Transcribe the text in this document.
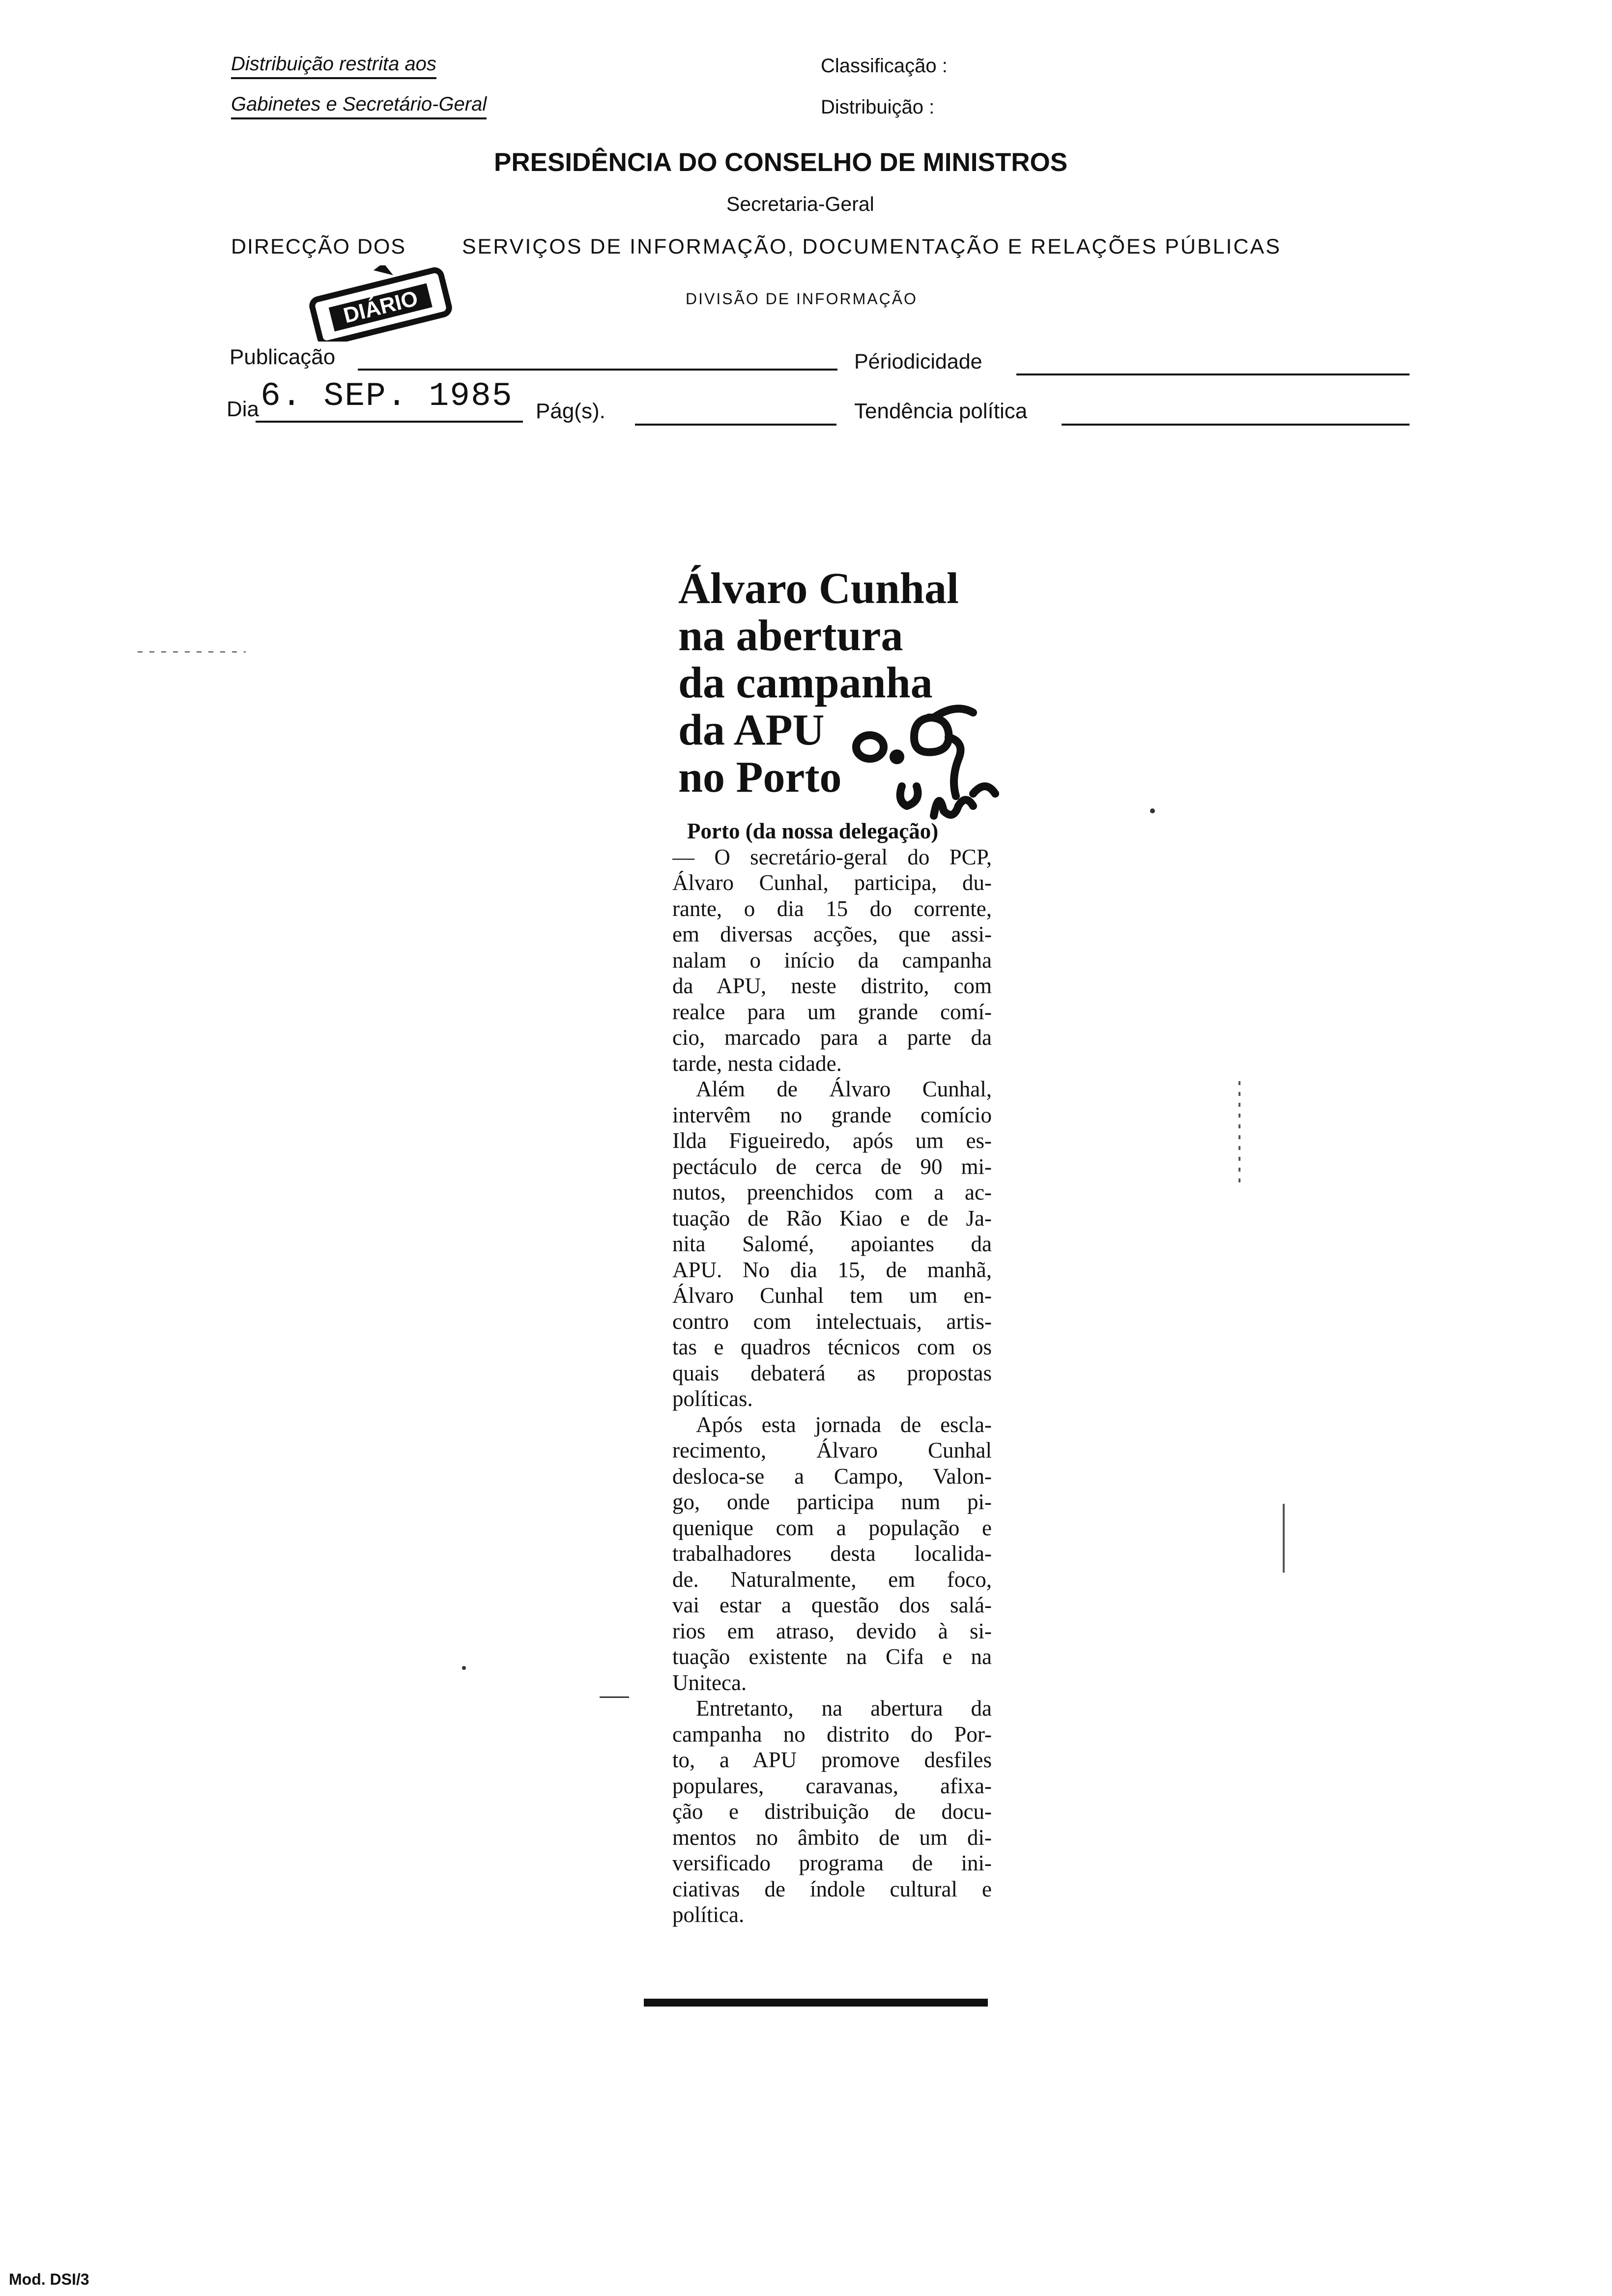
Distribuição restrita aos
Gabinetes e Secretário-Geral
Classificação :
Distribuição :
PRESIDÊNCIA DO CONSELHO DE MINISTROS
Secretaria-Geral
DIRECÇÃO DOS	SERVIÇOS DE INFORMAÇÃO, DOCUMENTAÇÃO E RELAÇÕES PÚBLICAS
DIVISÃO DE INFORMAÇÃO
DIÁRIO
Publicação	Périodicidade
Dia 6. SEP. 1985 Pág(s).	Tendência política
Álvaro Cunhal
na abertura
da campanha
da APU
no Porto
Porto (da nossa delegação)
— O secretário-geral do PCP,
Álvaro Cunhal, participa, du-
rante, o dia 15 do corrente,
em diversas acções, que assi-
nalam o início da campanha
da APU, neste distrito, com
realce para um grande comí-
cio, marcado para a parte da
tarde, nesta cidade.
Além de Álvaro Cunhal,
intervêm no grande comício
Ilda Figueiredo, após um es-
pectáculo de cerca de 90 mi-
nutos, preenchidos com a ac-
tuação de Rão Kiao e de Ja-
nita Salomé, apoiantes da
APU. No dia 15, de manhã,
Álvaro Cunhal tem um en-
contro com intelectuais, artis-
tas e quadros técnicos com os
quais debaterá as propostas
políticas.
Após esta jornada de escla-
recimento, Álvaro Cunhal
desloca-se a Campo, Valon-
go, onde participa num pi-
quenique com a população e
trabalhadores desta localida-
de. Naturalmente, em foco,
vai estar a questão dos salá-
rios em atraso, devido à si-
tuação existente na Cifa e na
Uniteca.
Entretanto, na abertura da
campanha no distrito do Por-
to, a APU promove desfiles
populares, caravanas, afixa-
ção e distribuição de docu-
mentos no âmbito de um di-
versificado programa de ini-
ciativas de índole cultural e
política.
Mod. DSI/3
